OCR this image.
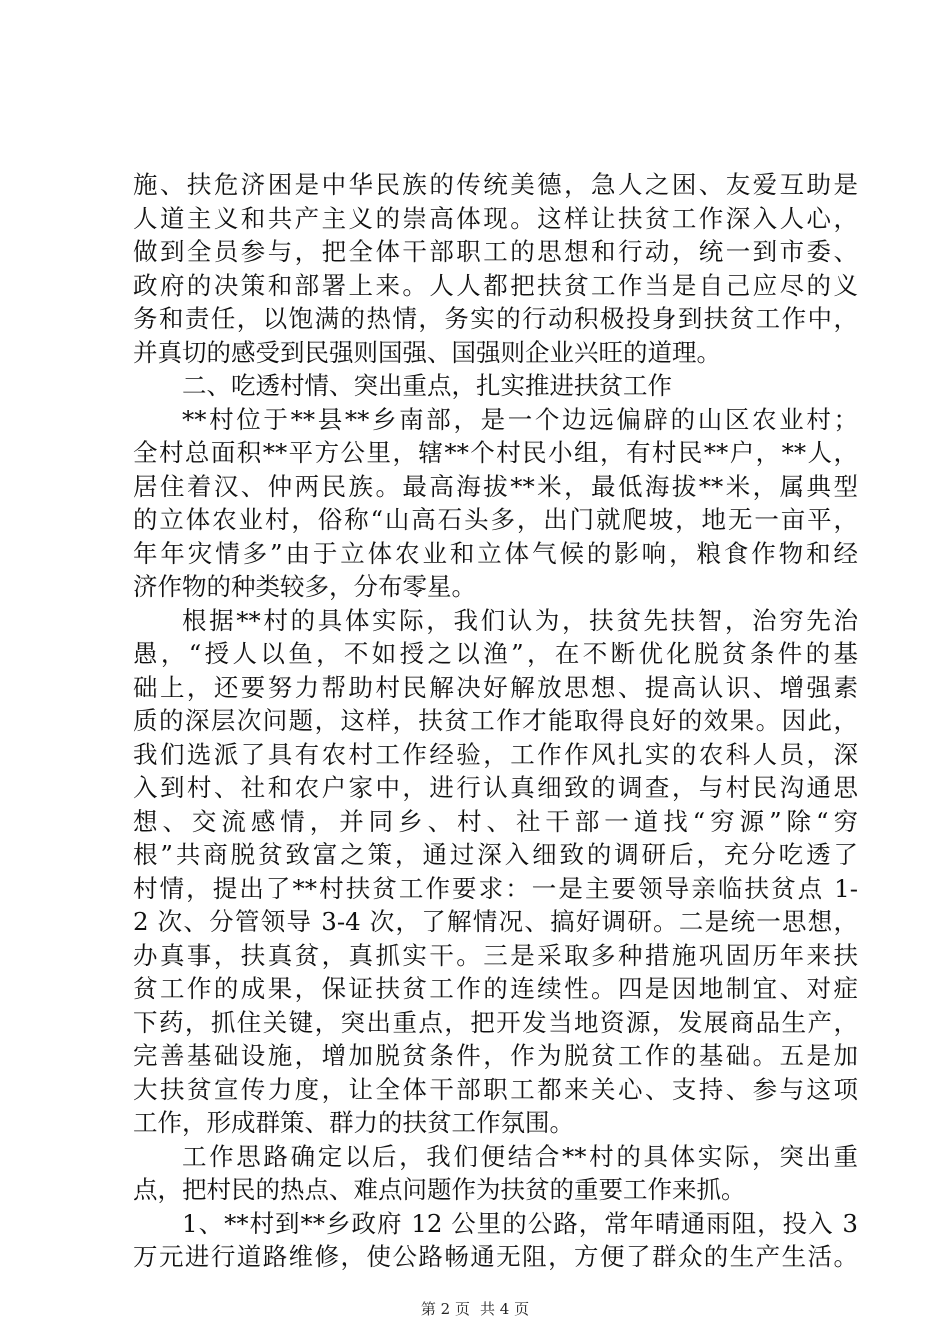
施、扶危济困是中华民族的传统美德，急人之困、友爱互助是
人道主义和共产主义的崇高体现。这样让扶贫工作深入人心，
做到全员参与，把全体干部职工的思想和行动，统一到市委、
政府的决策和部署上来。人人都把扶贫工作当是自己应尽的义
务和责任，以饱满的热情，务实的行动积极投身到扶贫工作中，
并真切的感受到民强则国强、国强则企业兴旺的道理。
二、吃透村情、突出重点，扎实推进扶贫工作
**村位于**县**乡南部，是一个边远偏辟的山区农业村；
全村总面积**平方公里，辖**个村民小组，有村民**户，**人，
居住着汉、仲两民族。最高海拔**米，最低海拔**米，属典型
的立体农业村，俗称“山高石头多，出门就爬坡，地无一亩平，
年年灾情多”由于立体农业和立体气候的影响，粮食作物和经
济作物的种类较多，分布零星。
根据**村的具体实际，我们认为，扶贫先扶智，治穷先治
愚，“授人以鱼，不如授之以渔”，在不断优化脱贫条件的基
础上，还要努力帮助村民解决好解放思想、提高认识、增强素
质的深层次问题，这样，扶贫工作才能取得良好的效果。因此，
我们选派了具有农村工作经验，工作作风扎实的农科人员，深
入到村、社和农户家中，进行认真细致的调查，与村民沟通思
想、交流感情，并同乡、村、社干部一道找“穷源”除“穷
根”共商脱贫致富之策，通过深入细致的调研后，充分吃透了
村情，提出了**村扶贫工作要求：一是主要领导亲临扶贫点 1-
2 次、分管领导 3-4 次，了解情况、搞好调研。二是统一思想，
办真事，扶真贫，真抓实干。三是采取多种措施巩固历年来扶
贫工作的成果，保证扶贫工作的连续性。四是因地制宜、对症
下药，抓住关键，突出重点，把开发当地资源，发展商品生产，
完善基础设施，增加脱贫条件，作为脱贫工作的基础。五是加
大扶贫宣传力度，让全体干部职工都来关心、支持、参与这项
工作，形成群策、群力的扶贫工作氛围。
工作思路确定以后，我们便结合**村的具体实际，突出重
点，把村民的热点、难点问题作为扶贫的重要工作来抓。
1、**村到**乡政府 12 公里的公路，常年晴通雨阻，投入 3
万元进行道路维修，使公路畅通无阻，方便了群众的生产生活。
第 2 页 共 4 页
